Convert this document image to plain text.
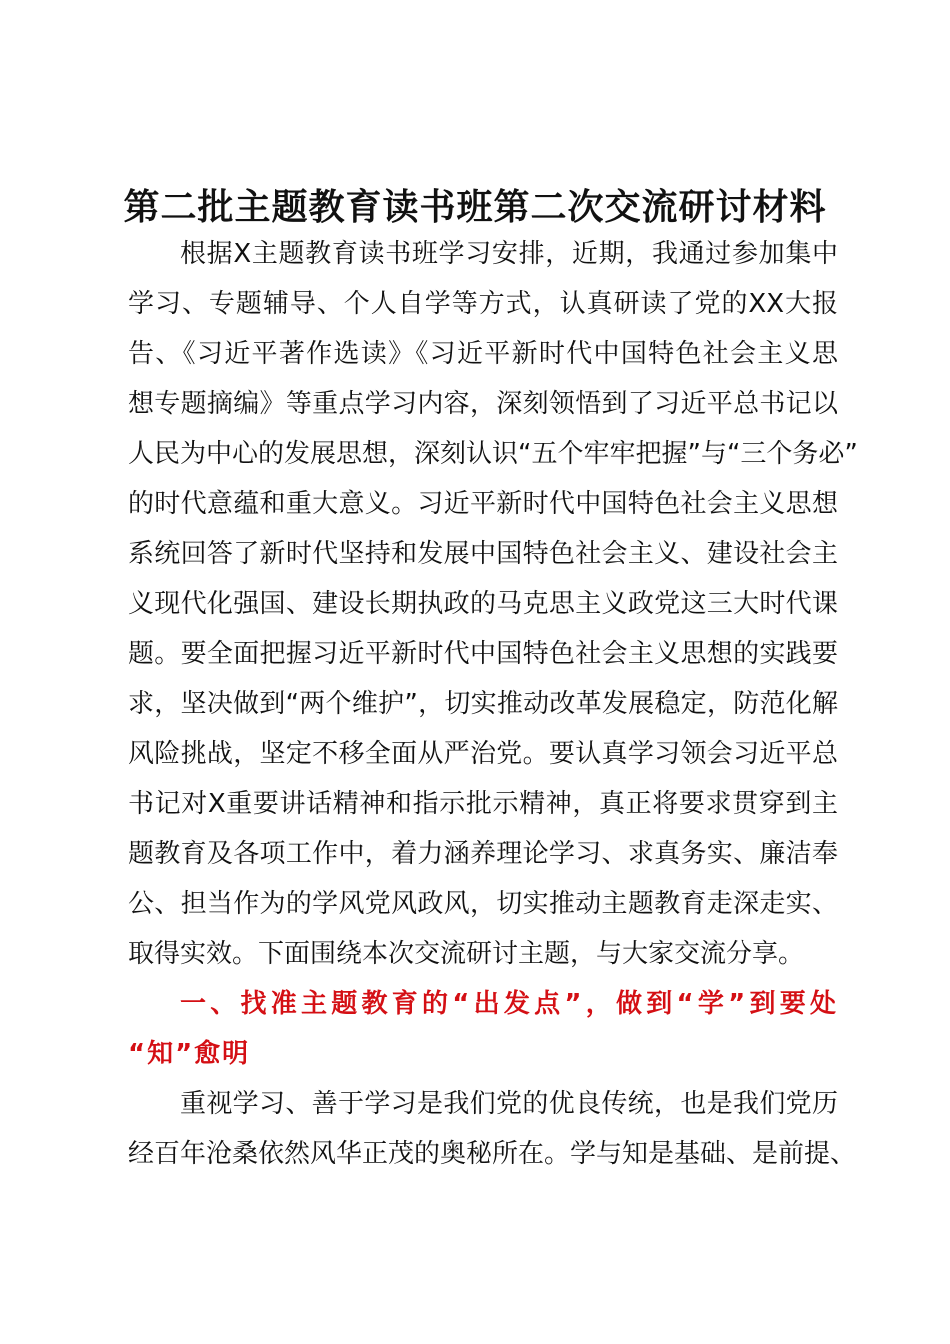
第二批主题教育读书班第二次交流研讨材料
根据X主题教育读书班学习安排，近期，我通过参加集中
学习、专题辅导、个人自学等方式，认真研读了党的XX大报
告、《习近平著作选读》《习近平新时代中国特色社会主义思
想专题摘编》等重点学习内容，深刻领悟到了习近平总书记以
人民为中心的发展思想，深刻认识“五个牢牢把握”与“三个务必”
的时代意蕴和重大意义。习近平新时代中国特色社会主义思想
系统回答了新时代坚持和发展中国特色社会主义、建设社会主
义现代化强国、建设长期执政的马克思主义政党这三大时代课
题。要全面把握习近平新时代中国特色社会主义思想的实践要
求，坚决做到“两个维护”，切实推动改革发展稳定，防范化解
风险挑战，坚定不移全面从严治党。要认真学习领会习近平总
书记对X重要讲话精神和指示批示精神，真正将要求贯穿到主
题教育及各项工作中，着力涵养理论学习、求真务实、廉洁奉
公、担当作为的学风党风政风，切实推动主题教育走深走实、
取得实效。下面围绕本次交流研讨主题，与大家交流分享。
一、找准主题教育的“出发点”，做到“学”到要处
“知”愈明
重视学习、善于学习是我们党的优良传统，也是我们党历
经百年沧桑依然风华正茂的奥秘所在。学与知是基础、是前提、
